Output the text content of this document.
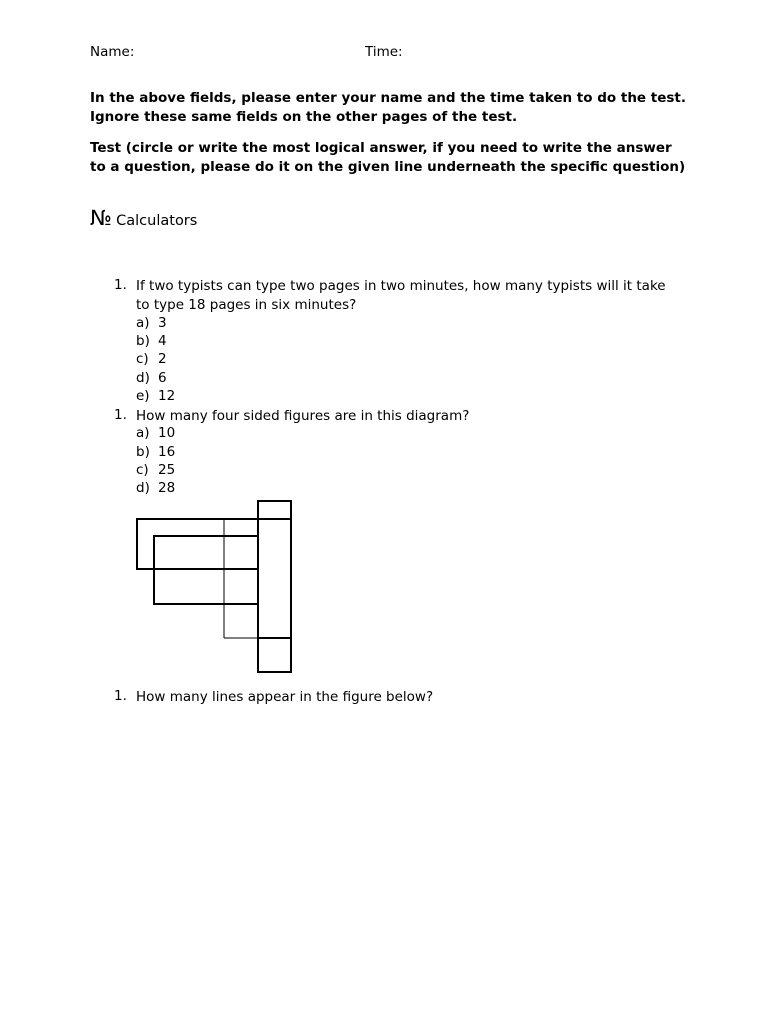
Name:	Time:
In the above fields, please enter your name and the time taken to do the test. Ignore these same fields on the other pages of the test.
Test (circle or write the most logical answer, if you need to write the answer to a question, please do it on the given line underneath the specific question)
№ Calculators
1. If two typists can type two pages in two minutes, how many typists will it take to type 18 pages in six minutes?
a) 3
b) 4
c) 2
d) 6
e) 12
1. How many four sided figures are in this diagram?
a) 10
b) 16
c) 25
d) 28
1. How many lines appear in the figure below?
